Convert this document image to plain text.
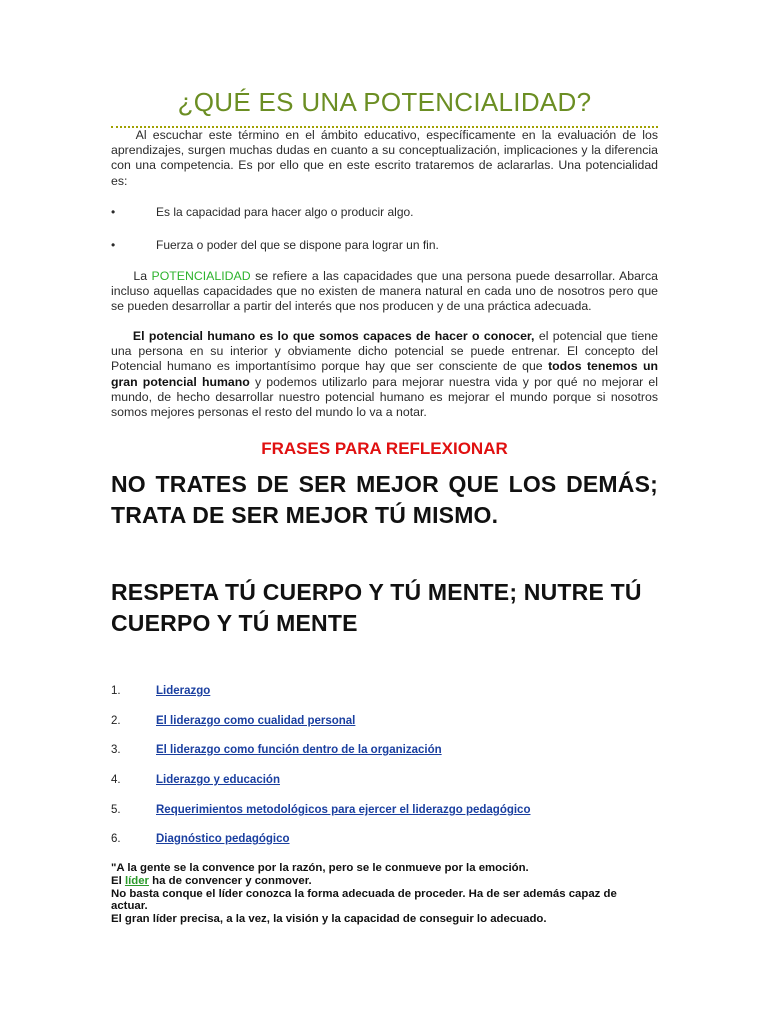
¿QUÉ ES UNA POTENCIALIDAD?

Al escuchar este término en el ámbito educativo, específicamente en la evaluación de los aprendizajes, surgen muchas dudas en cuanto a su conceptualización, implicaciones y la diferencia con una competencia. Es por ello que en este escrito trataremos de aclararlas. Una potencialidad es:

•	Es la capacidad para hacer algo o producir algo.
•	Fuerza o poder del que se dispone para lograr un fin.

La POTENCIALIDAD se refiere a las capacidades que una persona puede desarrollar. Abarca incluso aquellas capacidades que no existen de manera natural en cada uno de nosotros pero que se pueden desarrollar a partir del interés que nos producen y de una práctica adecuada.

El potencial humano es lo que somos capaces de hacer o conocer, el potencial que tiene una persona en su interior y obviamente dicho potencial se puede entrenar. El concepto del Potencial humano es importantísimo porque hay que ser consciente de que todos tenemos un gran potencial humano y podemos utilizarlo para mejorar nuestra vida y por qué no mejorar el mundo, de hecho desarrollar nuestro potencial humano es mejorar el mundo porque si nosotros somos mejores personas el resto del mundo lo va a notar.

FRASES PARA REFLEXIONAR

NO TRATES DE SER MEJOR QUE LOS DEMÁS; TRATA DE SER MEJOR TÚ MISMO.

RESPETA TÚ CUERPO Y TÚ MENTE; NUTRE TÚ CUERPO Y TÚ MENTE

1.	Liderazgo
2.	El liderazgo como cualidad personal
3.	El liderazgo como función dentro de la organización
4.	Liderazgo y educación
5.	Requerimientos metodológicos para ejercer el liderazgo pedagógico
6.	Diagnóstico pedagógico

"A la gente se la convence por la razón, pero se le conmueve por la emoción.
El líder ha de convencer y conmover.
No basta conque el líder conozca la forma adecuada de proceder. Ha de ser además capaz de actuar.
El gran líder precisa, a la vez, la visión y la capacidad de conseguir lo adecuado.
